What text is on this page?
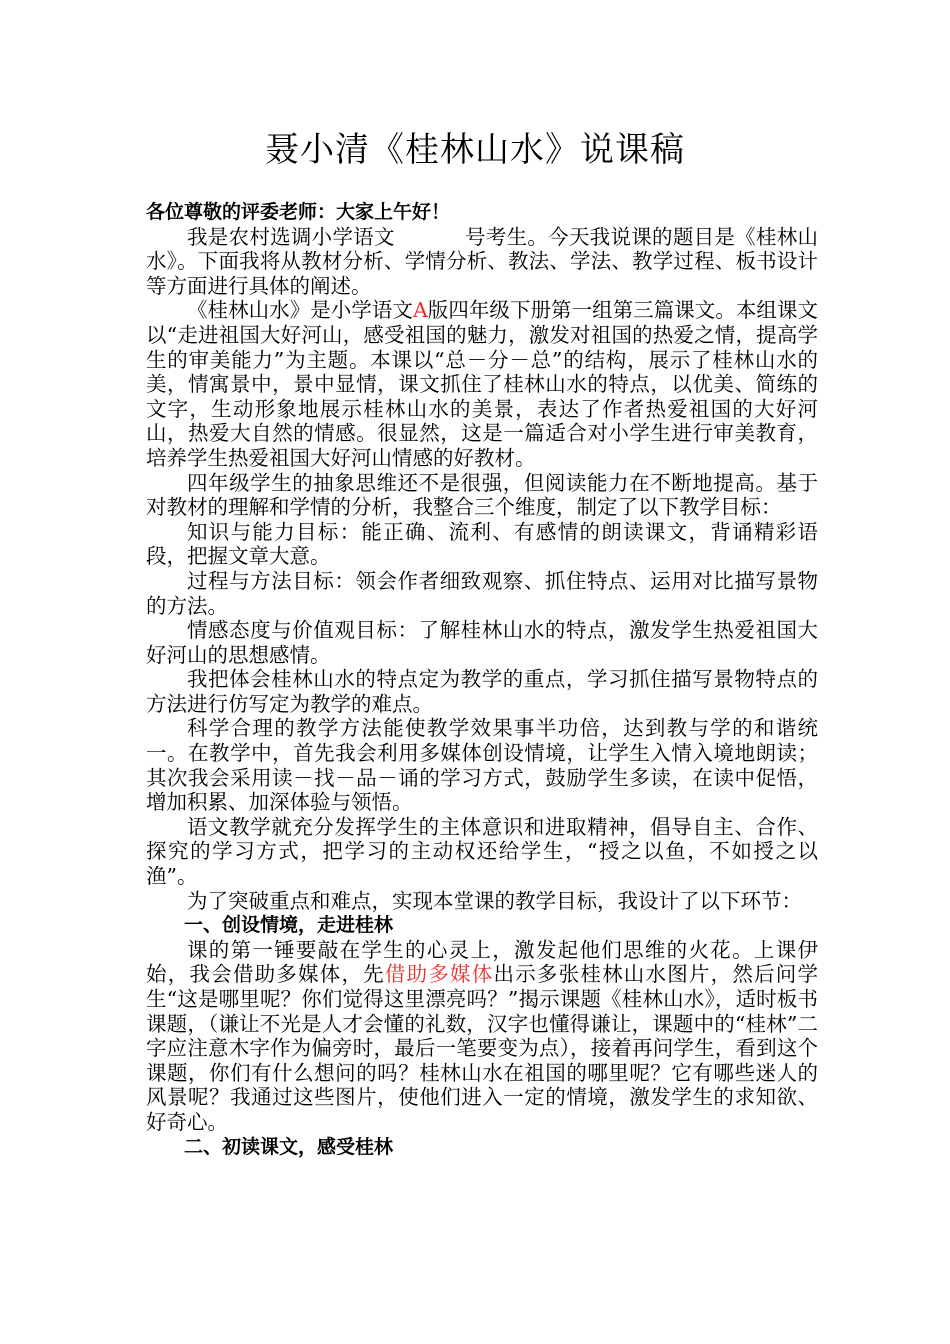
聂小清《桂林山水》说课稿

各位尊敬的评委老师：大家上午好！

我是农村选调小学语文	号考生。今天我说课的题目是《桂林山水》。下面我将从教材分析、学情分析、教法、学法、教学过程、板书设计等方面进行具体的阐述。

《桂林山水》是小学语文A版四年级下册第一组第三篇课文。本组课文以“走进祖国大好河山，感受祖国的魅力，激发对祖国的热爱之情，提高学生的审美能力”为主题。本课以“总－分－总”的结构，展示了桂林山水的美，情寓景中，景中显情，课文抓住了桂林山水的特点，以优美、简练的文字，生动形象地展示桂林山水的美景，表达了作者热爱祖国的大好河山，热爱大自然的情感。很显然，这是一篇适合对小学生进行审美教育，培养学生热爱祖国大好河山情感的好教材。

四年级学生的抽象思维还不是很强，但阅读能力在不断地提高。基于对教材的理解和学情的分析，我整合三个维度，制定了以下教学目标：

知识与能力目标：能正确、流利、有感情的朗读课文，背诵精彩语段，把握文章大意。

过程与方法目标：领会作者细致观察、抓住特点、运用对比描写景物的方法。

情感态度与价值观目标：了解桂林山水的特点，激发学生热爱祖国大好河山的思想感情。

我把体会桂林山水的特点定为教学的重点，学习抓住描写景物特点的方法进行仿写定为教学的难点。

科学合理的教学方法能使教学效果事半功倍，达到教与学的和谐统一。在教学中，首先我会利用多媒体创设情境，让学生入情入境地朗读；其次我会采用读－找－品－诵的学习方式，鼓励学生多读，在读中促悟，增加积累、加深体验与领悟。

语文教学就充分发挥学生的主体意识和进取精神，倡导自主、合作、探究的学习方式，把学习的主动权还给学生，“授之以鱼，不如授之以渔”。

为了突破重点和难点，实现本堂课的教学目标，我设计了以下环节：

一、创设情境，走进桂林

课的第一锤要敲在学生的心灵上，激发起他们思维的火花。上课伊始，我会借助多媒体，先借助多媒体出示多张桂林山水图片，然后问学生“这是哪里呢？你们觉得这里漂亮吗？”揭示课题《桂林山水》，适时板书课题，（谦让不光是人才会懂的礼数，汉字也懂得谦让，课题中的“桂林”二字应注意木字作为偏旁时，最后一笔要变为点），接着再问学生，看到这个课题，你们有什么想问的吗？桂林山水在祖国的哪里呢？它有哪些迷人的风景呢？我通过这些图片，使他们进入一定的情境，激发学生的求知欲、好奇心。

二、初读课文，感受桂林
